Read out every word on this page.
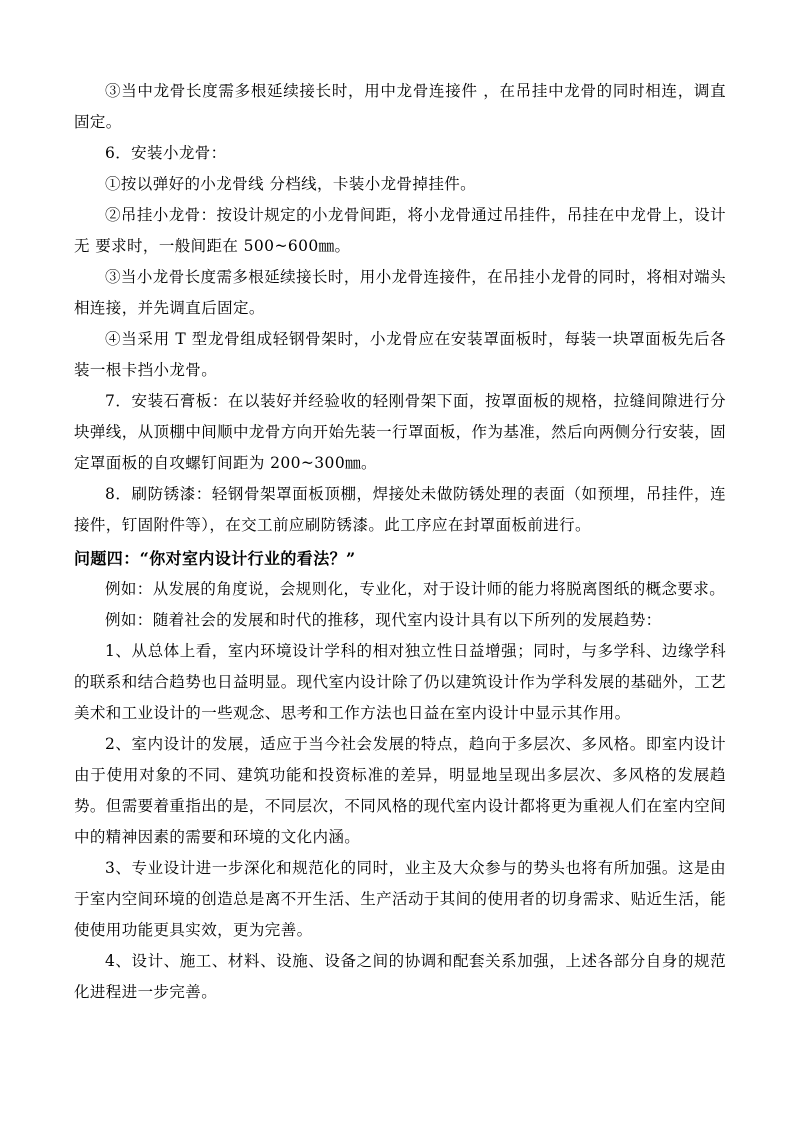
③当中龙骨长度需多根延续接长时，用中龙骨连接件 ，在吊挂中龙骨的同时相连，调直固定。

6．安装小龙骨：

①按以弹好的小龙骨线 分档线，卡装小龙骨掉挂件。

②吊挂小龙骨：按设计规定的小龙骨间距，将小龙骨通过吊挂件，吊挂在中龙骨上，设计无 要求时，一般间距在 500~600㎜。

③当小龙骨长度需多根延续接长时，用小龙骨连接件，在吊挂小龙骨的同时，将相对端头相连接，并先调直后固定。

④当采用 T 型龙骨组成轻钢骨架时，小龙骨应在安装罩面板时，每装一块罩面板先后各装一根卡挡小龙骨。

7．安装石膏板：在以装好并经验收的轻刚骨架下面，按罩面板的规格，拉缝间隙进行分块弹线，从顶棚中间顺中龙骨方向开始先装一行罩面板，作为基准，然后向两侧分行安装，固定罩面板的自攻螺钉间距为 200~300㎜。

8．刷防锈漆：轻钢骨架罩面板顶棚，焊接处未做防锈处理的表面（如预埋，吊挂件，连接件，钉固附件等），在交工前应刷防锈漆。此工序应在封罩面板前进行。

问题四：“你对室内设计行业的看法？”

例如：从发展的角度说，会规则化，专业化，对于设计师的能力将脱离图纸的概念要求。

例如：随着社会的发展和时代的推移，现代室内设计具有以下所列的发展趋势：

1、从总体上看，室内环境设计学科的相对独立性日益增强；同时，与多学科、边缘学科的联系和结合趋势也日益明显。现代室内设计除了仍以建筑设计作为学科发展的基础外，工艺美术和工业设计的一些观念、思考和工作方法也日益在室内设计中显示其作用。

2、室内设计的发展，适应于当今社会发展的特点，趋向于多层次、多风格。即室内设计由于使用对象的不同、建筑功能和投资标准的差异，明显地呈现出多层次、多风格的发展趋势。但需要着重指出的是，不同层次，不同风格的现代室内设计都将更为重视人们在室内空间中的精神因素的需要和环境的文化内涵。

3、专业设计进一步深化和规范化的同时，业主及大众参与的势头也将有所加强。这是由于室内空间环境的创造总是离不开生活、生产活动于其间的使用者的切身需求、贴近生活，能使使用功能更具实效，更为完善。

4、设计、施工、材料、设施、设备之间的协调和配套关系加强，上述各部分自身的规范化进程进一步完善。
